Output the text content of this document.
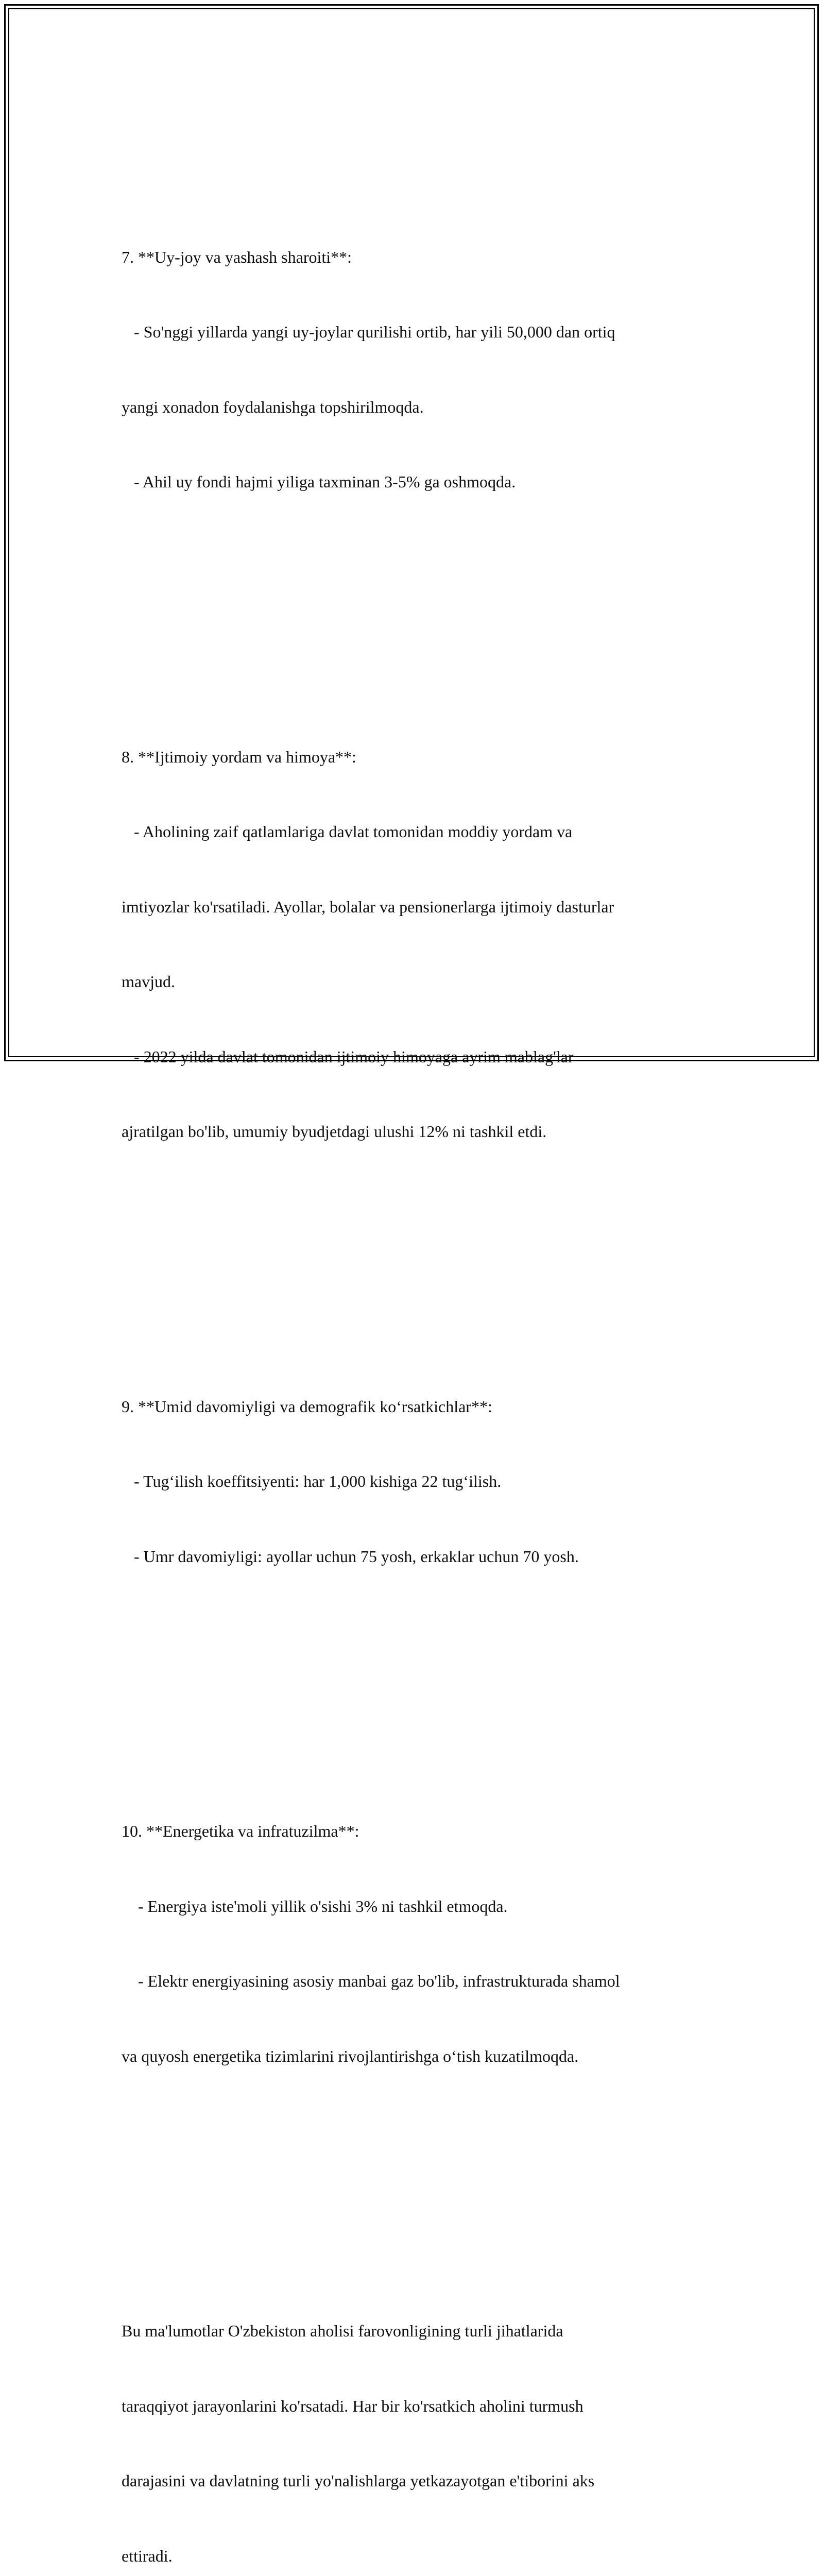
7. **Uy-joy va yashash sharoiti**:

- So'nggi yillarda yangi uy-joylar qurilishi ortib, har yili 50,000 dan ortiq

yangi xonadon foydalanishga topshirilmoqda.

- Ahil uy fondi hajmi yiliga taxminan 3-5% ga oshmoqda.

8. **Ijtimoiy yordam va himoya**:

- Aholining zaif qatlamlariga davlat tomonidan moddiy yordam va

imtiyozlar ko'rsatiladi. Ayollar, bolalar va pensionerlarga ijtimoiy dasturlar

mavjud.

- 2022 yilda davlat tomonidan ijtimoiy himoyaga ayrim mablag'lar

ajratilgan bo'lib, umumiy byudjetdagi ulushi 12% ni tashkil etdi.

9. **Umid davomiyligi va demografik ko‘rsatkichlar**:

- Tug‘ilish koeffitsiyenti: har 1,000 kishiga 22 tug‘ilish.

- Umr davomiyligi: ayollar uchun 75 yosh, erkaklar uchun 70 yosh.

10. **Energetika va infratuzilma**:

- Energiya iste'moli yillik o'sishi 3% ni tashkil etmoqda.

- Elektr energiyasining asosiy manbai gaz bo'lib, infrastrukturada shamol

va quyosh energetika tizimlarini rivojlantirishga o‘tish kuzatilmoqda.

Bu ma'lumotlar O'zbekiston aholisi farovonligining turli jihatlarida

taraqqiyot jarayonlarini ko'rsatadi. Har bir ko'rsatkich aholini turmush

darajasini va davlatning turli yo'nalishlarga yetkazayotgan e'tiborini aks

ettiradi.
